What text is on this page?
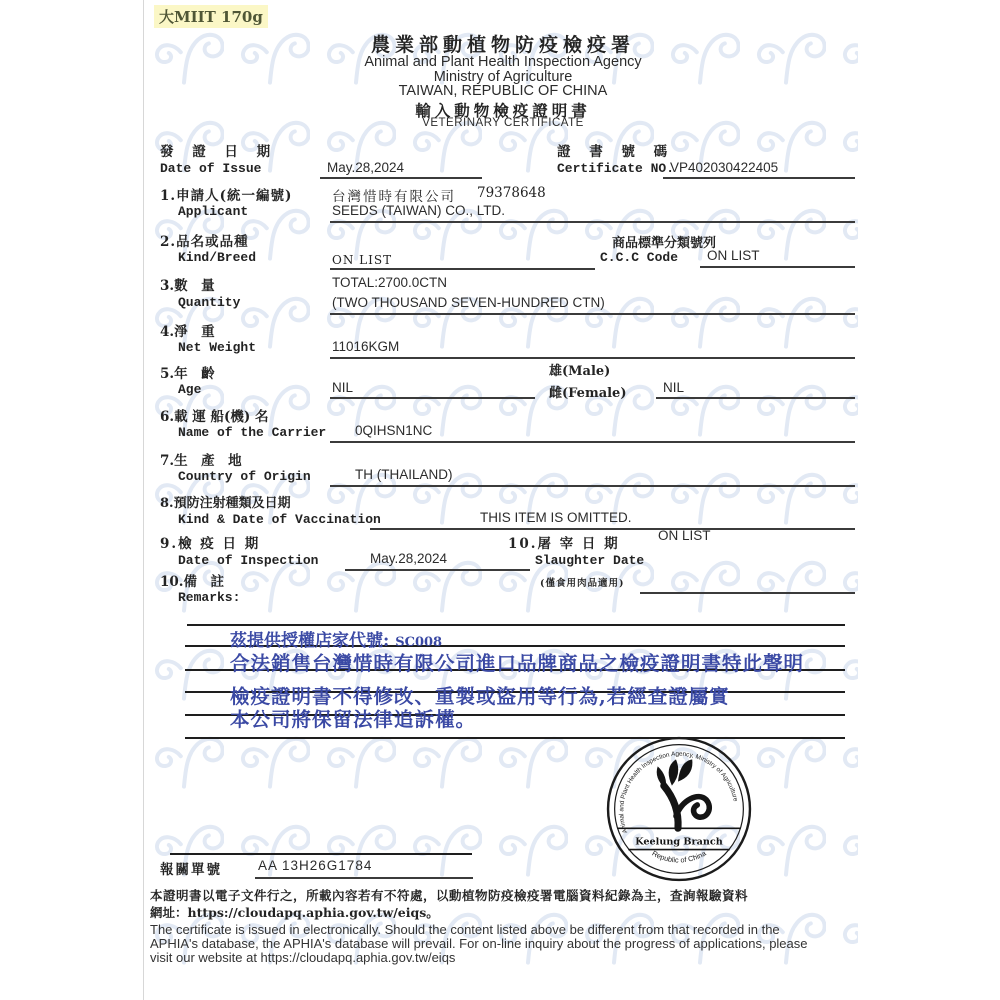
大MIIT 170g
農業部動植物防疫檢疫署
Animal and Plant Health Inspection Agency
Ministry of Agriculture
TAIWAN, REPUBLIC OF CHINA
輸入動物檢疫證明書
VETERINARY CERTIFICATE
發 證 日 期
Date of Issue	May.28,2024
證 書 號 碼
Certificate NO.
VP402030422405
1.申請人(統一編號)	台灣惜時有限公司 79378648
Applicant	SEEDS (TAIWAN) CO., LTD.
2.品名或品種	商品標準分類號列
Kind/Breed	ON LIST	C.C.C Code ON LIST
3.數　量	TOTAL:2700.0CTN
Quantity	(TWO THOUSAND SEVEN-HUNDRED CTN)
4.淨　重
Net Weight	11016KGM
5.年　齡	雄(Male)
Age	NIL	雌(Female)	NIL
6.載 運 船(機) 名
Name of the Carrier 0QIHSN1NC
7.生　產　地
Country of Origin	TH (THAILAND)
8.預防注射種類及日期
Kind & Date of Vaccination	THIS ITEM IS OMITTED.
9.檢 疫 日 期
Date of Inspection	May.28,2024
10.屠 宰 日 期
ON LIST
Slaughter Date
(僅食用肉品適用)
10.備　註
Remarks:
茲提供授權店家代號: SC008
合法銷售台灣惜時有限公司進口品牌商品之檢疫證明書特此聲明
檢疫證明書不得修改、重製或盜用等行為,若經查證屬實
本公司將保留法律追訴權。
Animal and Plant Health Inspection Agency, Ministry of Agriculture
Republic of China
Keelung Branch
報關單號	AA 13H26G1784
本證明書以電子文件行之，所載內容若有不符處，以動植物防疫檢疫署電腦資料紀錄為主，查詢報驗資料
網址：https://cloudapq.aphia.gov.tw/eiqs。
The certificate is issued in electronically. Should the content listed above be different from that recorded in the
APHIA's database, the APHIA's database will prevail. For on-line inquiry about the progress of applications, please
visit our website at https://cloudapq.aphia.gov.tw/eiqs
